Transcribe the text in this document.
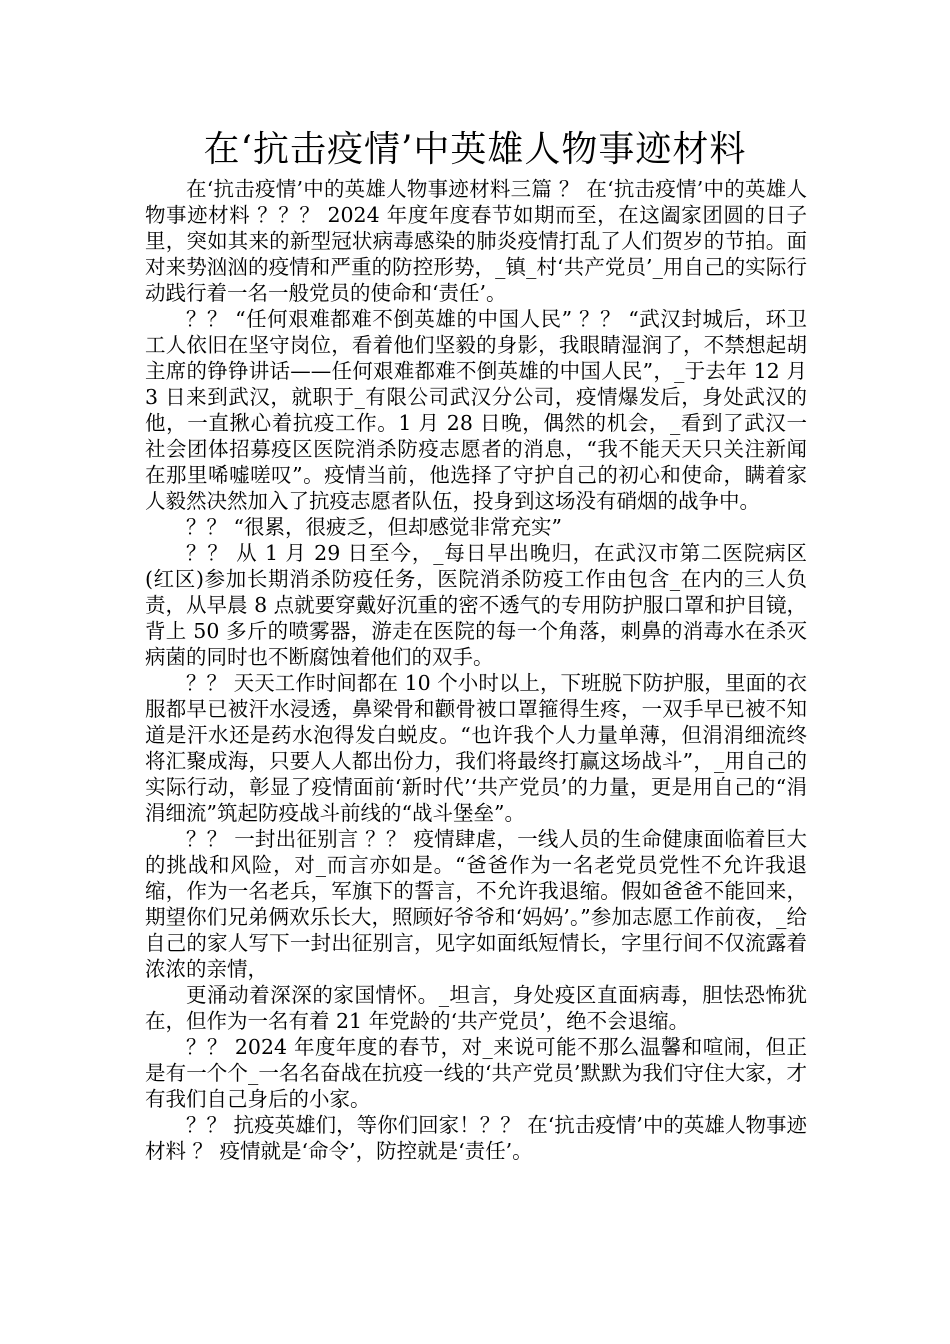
在‘抗击疫情’中英雄人物事迹材料

在‘抗击疫情’中的英雄人物事迹材料三篇 ？ 在‘抗击疫情’中的英雄人物事迹材料 ？？？ 2024 年度年度春节如期而至，在这阖家团圆的日子里，突如其来的新型冠状病毒感染的肺炎疫情打乱了人们贺岁的节拍。面对来势汹汹的疫情和严重的防控形势，_镇_村‘共产党员’_用自己的实际行动践行着一名一般党员的使命和‘责任’。

？？ “任何艰难都难不倒英雄的中国人民” ？？ “武汉封城后，环卫工人依旧在坚守岗位，看着他们坚毅的身影，我眼睛湿润了，不禁想起胡主席的铮铮讲话——任何艰难都难不倒英雄的中国人民”，_于去年 12 月 3 日来到武汉，就职于_有限公司武汉分公司，疫情爆发后，身处武汉的他，一直揪心着抗疫工作。1 月 28 日晚，偶然的机会，_看到了武汉一社会团体招募疫区医院消杀防疫志愿者的消息，“我不能天天只关注新闻在那里唏嘘嗟叹”。疫情当前，他选择了守护自己的初心和使命，瞒着家人毅然决然加入了抗疫志愿者队伍，投身到这场没有硝烟的战争中。

？？ “很累，很疲乏，但却感觉非常充实”

？？ 从 1 月 29 日至今，_每日早出晚归，在武汉市第二医院病区(红区)参加长期消杀防疫任务，医院消杀防疫工作由包含_在内的三人负责，从早晨 8 点就要穿戴好沉重的密不透气的专用防护服口罩和护目镜，背上 50 多斤的喷雾器，游走在医院的每一个角落，刺鼻的消毒水在杀灭病菌的同时也不断腐蚀着他们的双手。

？？ 天天工作时间都在 10 个小时以上，下班脱下防护服，里面的衣服都早已被汗水浸透，鼻梁骨和颧骨被口罩箍得生疼，一双手早已被不知道是汗水还是药水泡得发白蜕皮。“也许我个人力量单薄，但涓涓细流终将汇聚成海，只要人人都出份力，我们将最终打赢这场战斗”，_用自己的实际行动，彰显了疫情面前‘新时代’‘共产党员’的力量，更是用自己的“涓涓细流”筑起防疫战斗前线的“战斗堡垒”。

？？ 一封出征别言 ？？ 疫情肆虐，一线人员的生命健康面临着巨大的挑战和风险，对_而言亦如是。“爸爸作为一名老党员党性不允许我退缩，作为一名老兵，军旗下的誓言，不允许我退缩。假如爸爸不能回来，期望你们兄弟俩欢乐长大，照顾好爷爷和‘妈妈’。”参加志愿工作前夜，_给自己的家人写下一封出征别言，见字如面纸短情长，字里行间不仅流露着浓浓的亲情，

更涌动着深深的家国情怀。_坦言，身处疫区直面病毒，胆怯恐怖犹在，但作为一名有着 21 年党龄的‘共产党员’，绝不会退缩。

？？ 2024 年度年度的春节，对_来说可能不那么温馨和喧闹，但正是有一个个_一名名奋战在抗疫一线的‘共产党员’默默为我们守住大家，才有我们自己身后的小家。

？？ 抗疫英雄们，等你们回家！？？ 在‘抗击疫情’中的英雄人物事迹材料 ？ 疫情就是‘命令’，防控就是‘责任’。
